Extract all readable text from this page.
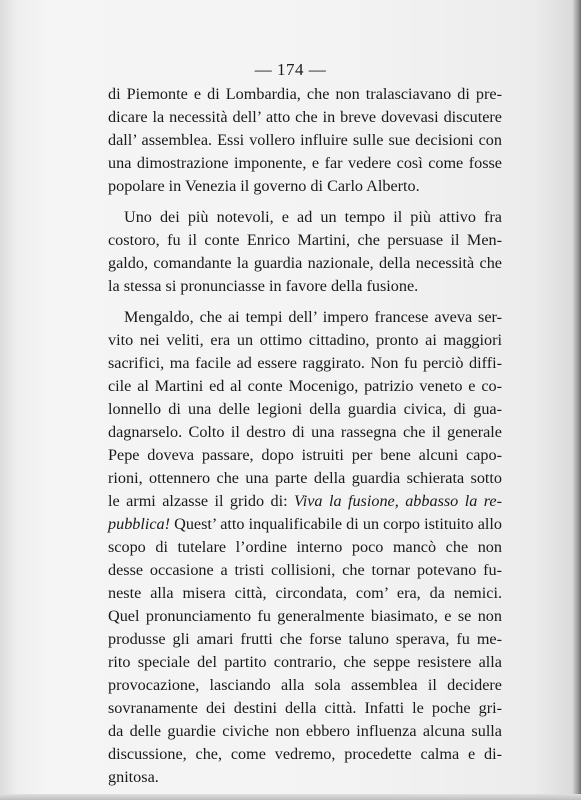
— 174 —
di Piemonte e di Lombardia, che non tralasciavano di pre-
dicare la necessità dell’ atto che in breve dovevasi discutere
dall’ assemblea. Essi vollero influire sulle sue decisioni con
una dimostrazione imponente, e far vedere così come fosse
popolare in Venezia il governo di Carlo Alberto.
Uno dei più notevoli, e ad un tempo il più attivo fra
costoro, fu il conte Enrico Martini, che persuase il Men-
galdo, comandante la guardia nazionale, della necessità che
la stessa si pronunciasse in favore della fusione.
Mengaldo, che ai tempi dell’ impero francese aveva ser-
vito nei veliti, era un ottimo cittadino, pronto ai maggiori
sacrifici, ma facile ad essere raggirato. Non fu perciò diffi-
cile al Martini ed al conte Mocenigo, patrizio veneto e co-
lonnello di una delle legioni della guardia civica, di gua-
dagnarselo. Colto il destro di una rassegna che il generale
Pepe doveva passare, dopo istruiti per bene alcuni capo-
rioni, ottennero che una parte della guardia schierata sotto
le armi alzasse il grido di: Viva la fusione, abbasso la re-
pubblica! Quest’ atto inqualificabile di un corpo istituito allo
scopo di tutelare l’ordine interno poco mancò che non
desse occasione a tristi collisioni, che tornar potevano fu-
neste alla misera città, circondata, com’ era, da nemici.
Quel pronunciamento fu generalmente biasimato, e se non
produsse gli amari frutti che forse taluno sperava, fu me-
rito speciale del partito contrario, che seppe resistere alla
provocazione, lasciando alla sola assemblea il decidere
sovranamente dei destini della città. Infatti le poche gri-
da delle guardie civiche non ebbero influenza alcuna sulla
discussione, che, come vedremo, procedette calma e di-
gnitosa.
